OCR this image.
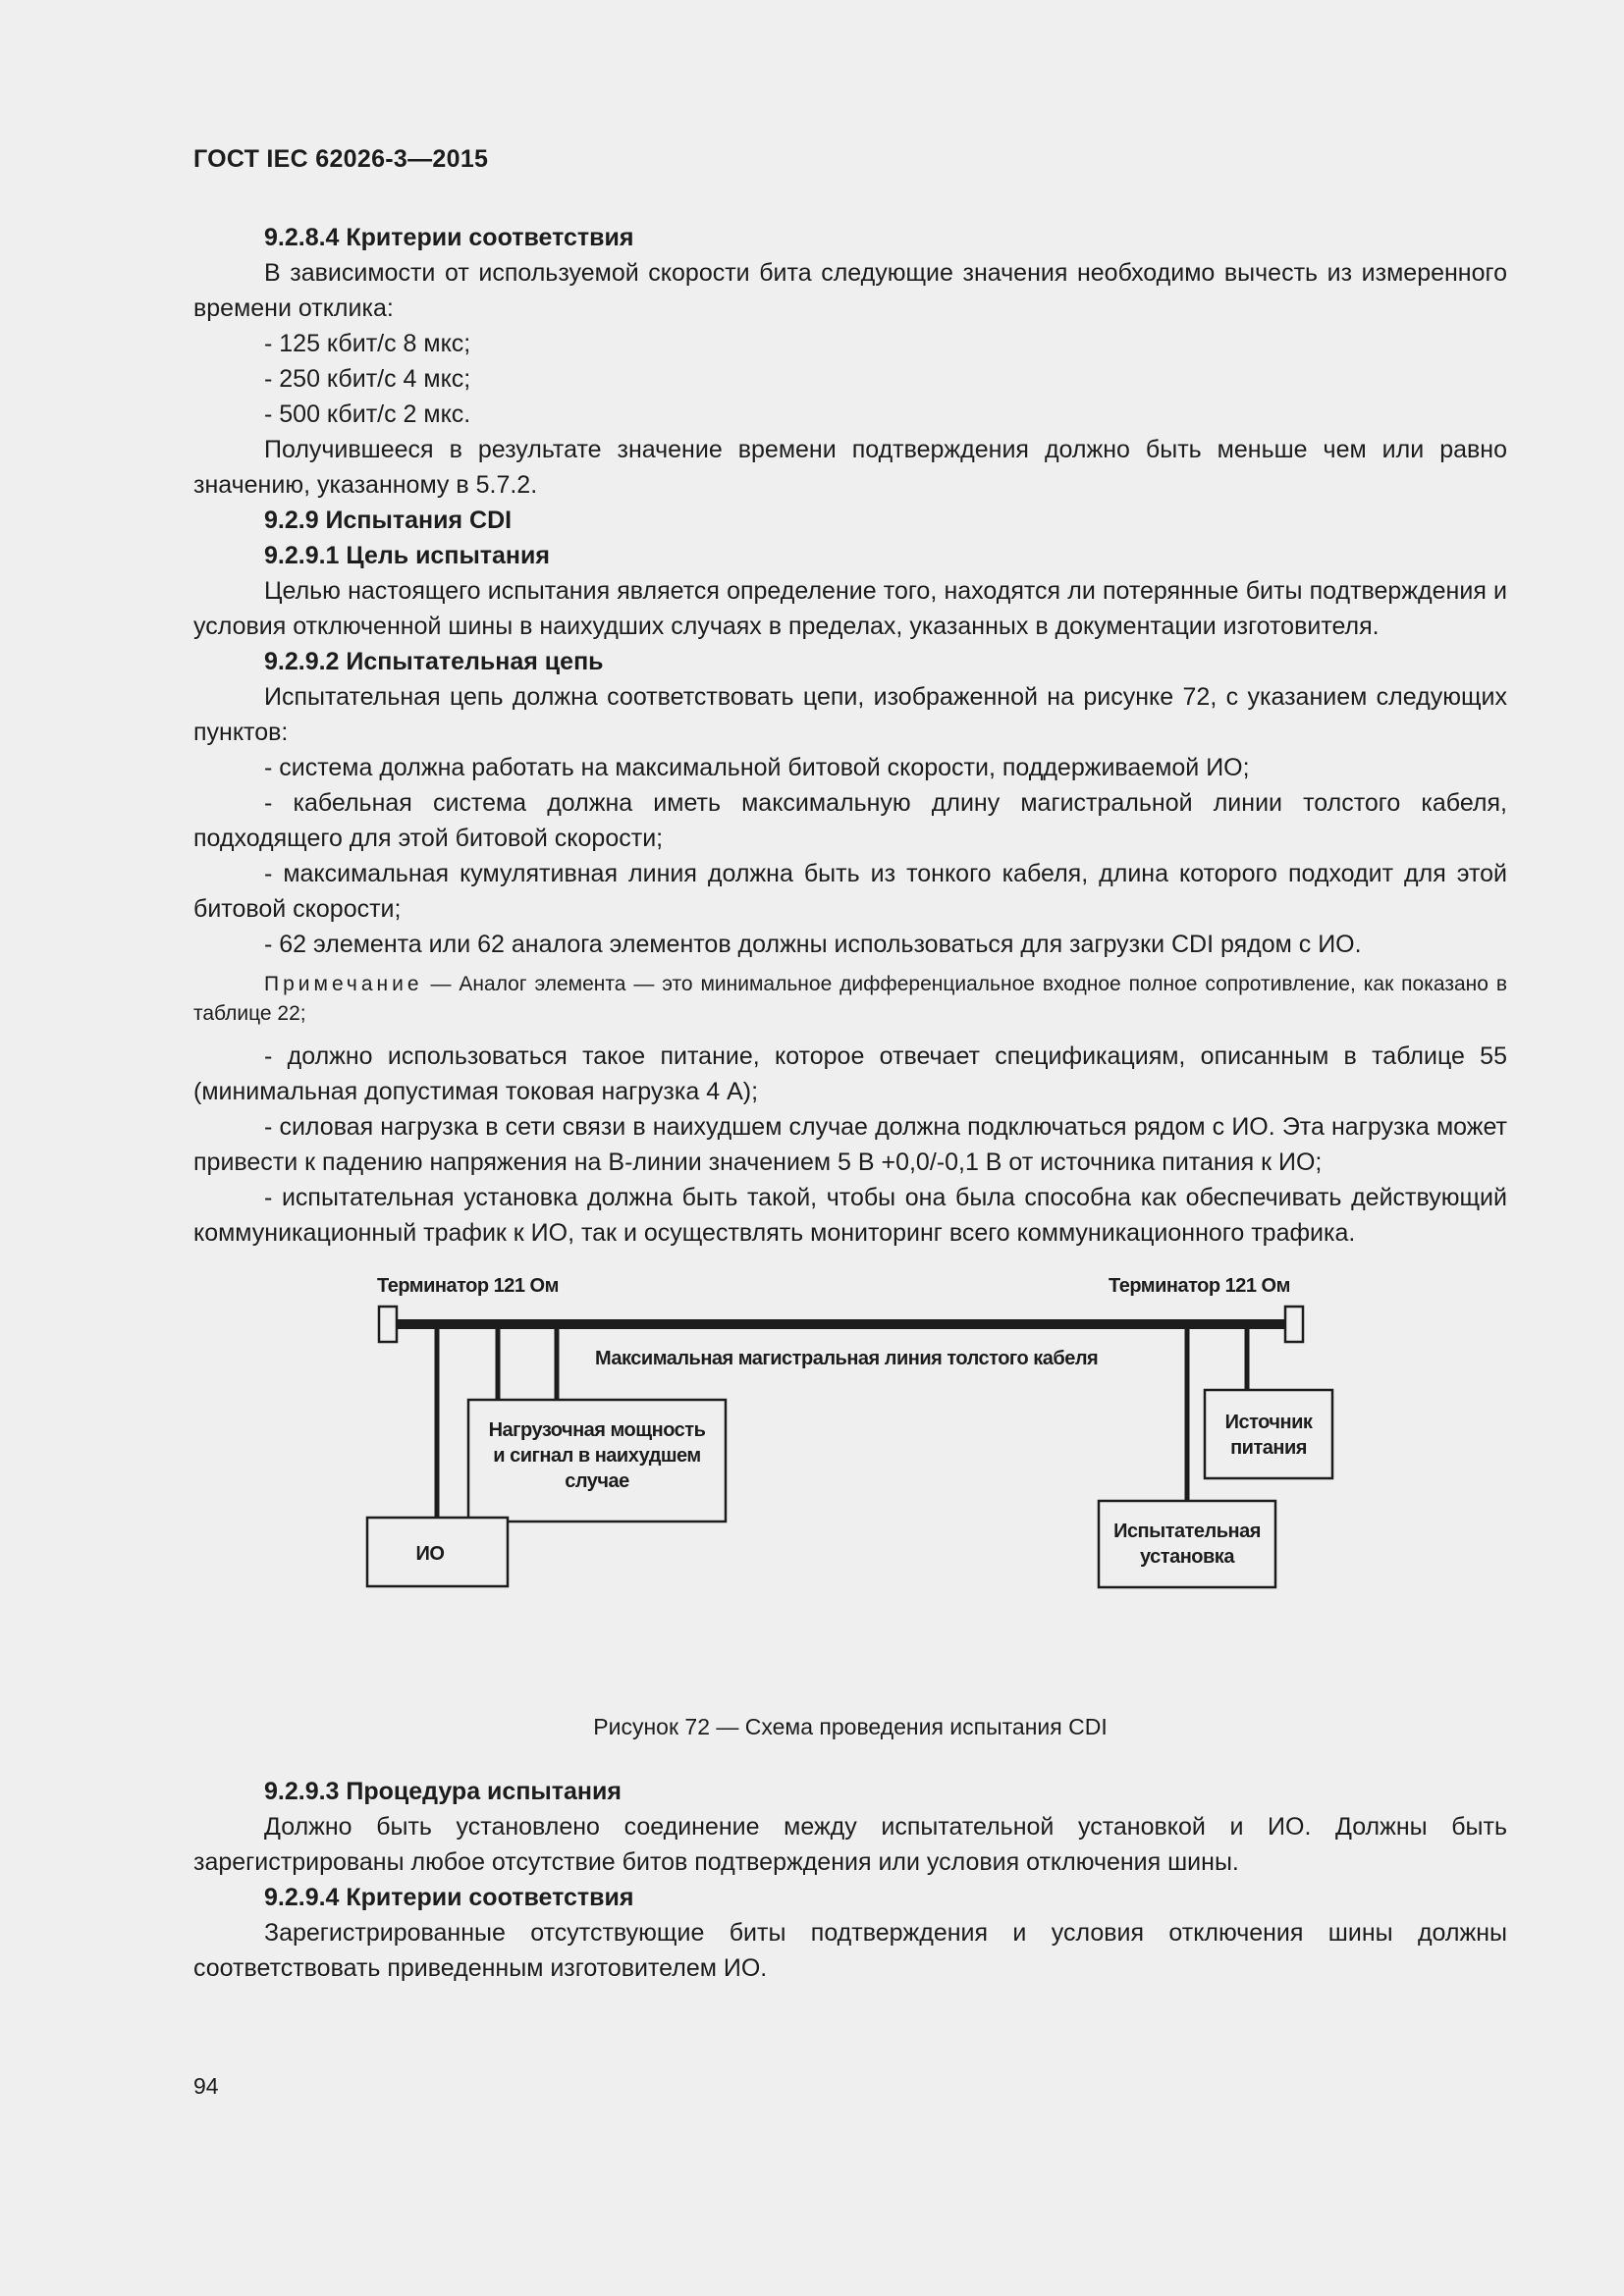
ГОСТ IEC 62026-3—2015
9.2.8.4 Критерии соответствия

В зависимости от используемой скорости бита следующие значения необходимо вычесть из измеренного времени отклика:

- 125 кбит/с 8 мкс;

- 250 кбит/с 4 мкс;

- 500 кбит/с 2 мкс.

Получившееся в результате значение времени подтверждения должно быть меньше чем или равно значению, указанному в 5.7.2.

9.2.9 Испытания CDI
9.2.9.1 Цель испытания

Целью настоящего испытания является определение того, находятся ли потерянные биты подтверждения и условия отключенной шины в наихудших случаях в пределах, указанных в документации изготовителя.

9.2.9.2 Испытательная цепь

Испытательная цепь должна соответствовать цепи, изображенной на рисунке 72, с указанием следующих пунктов:

- система должна работать на максимальной битовой скорости, поддерживаемой ИО;

- кабельная система должна иметь максимальную длину магистральной линии толстого кабеля, подходящего для этой битовой скорости;

- максимальная кумулятивная линия должна быть из тонкого кабеля, длина которого подходит для этой битовой скорости;

- 62 элемента или 62 аналога элементов должны использоваться для загрузки CDI рядом с ИО.

Примечание — Аналог элемента — это минимальное дифференциальное входное полное сопротивление, как показано в таблице 22;

- должно использоваться такое питание, которое отвечает спецификациям, описанным в таблице 55 (минимальная допустимая токовая нагрузка 4 А);

- силовая нагрузка в сети связи в наихудшем случае должна подключаться рядом с ИО. Эта нагрузка может привести к падению напряжения на В-линии значением 5 В +0,0/-0,1 В от источника питания к ИО;

- испытательная установка должна быть такой, чтобы она была способна как обеспечивать действующий коммуникационный трафик к ИО, так и осуществлять мониторинг всего коммуникационного трафика.

Терминатор 121 Ом	Терминатор 121 Ом
Максимальная магистральная линия толстого кабеля
Нагрузочная мощность
и сигнал в наихудшем
случае
Источник
питания
ИО
Испытательная
установка

Рисунок 72 — Схема проведения испытания CDI

9.2.9.3 Процедура испытания

Должно быть установлено соединение между испытательной установкой и ИО. Должны быть зарегистрированы любое отсутствие битов подтверждения или условия отключения шины.

9.2.9.4 Критерии соответствия

Зарегистрированные отсутствующие биты подтверждения и условия отключения шины должны соответствовать приведенным изготовителем ИО.

94
